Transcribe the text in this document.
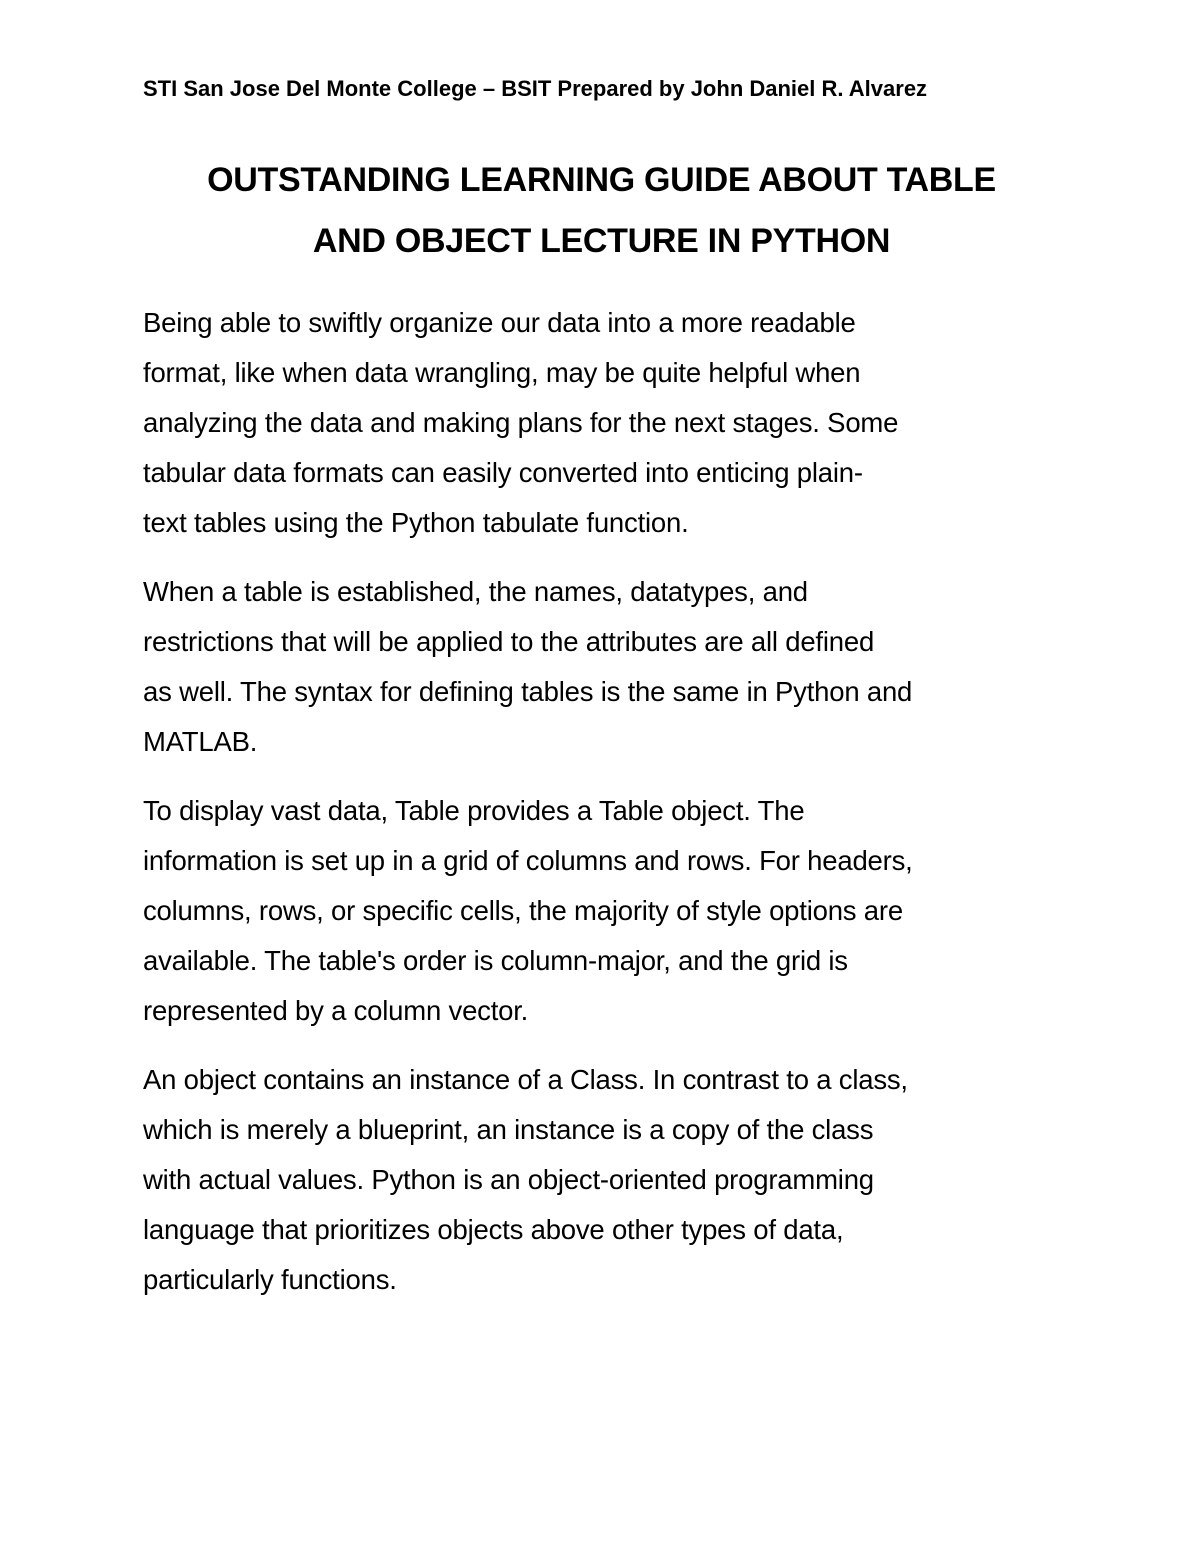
STI San Jose Del Monte College – BSIT Prepared by John Daniel R. Alvarez

OUTSTANDING LEARNING GUIDE ABOUT TABLE
AND OBJECT LECTURE IN PYTHON

Being able to swiftly organize our data into a more readable
format, like when data wrangling, may be quite helpful when
analyzing the data and making plans for the next stages. Some
tabular data formats can easily converted into enticing plain-
text tables using the Python tabulate function.

When a table is established, the names, datatypes, and
restrictions that will be applied to the attributes are all defined
as well. The syntax for defining tables is the same in Python and
MATLAB.

To display vast data, Table provides a Table object. The
information is set up in a grid of columns and rows. For headers,
columns, rows, or specific cells, the majority of style options are
available. The table's order is column-major, and the grid is
represented by a column vector.

An object contains an instance of a Class. In contrast to a class,
which is merely a blueprint, an instance is a copy of the class
with actual values. Python is an object-oriented programming
language that prioritizes objects above other types of data,
particularly functions.
